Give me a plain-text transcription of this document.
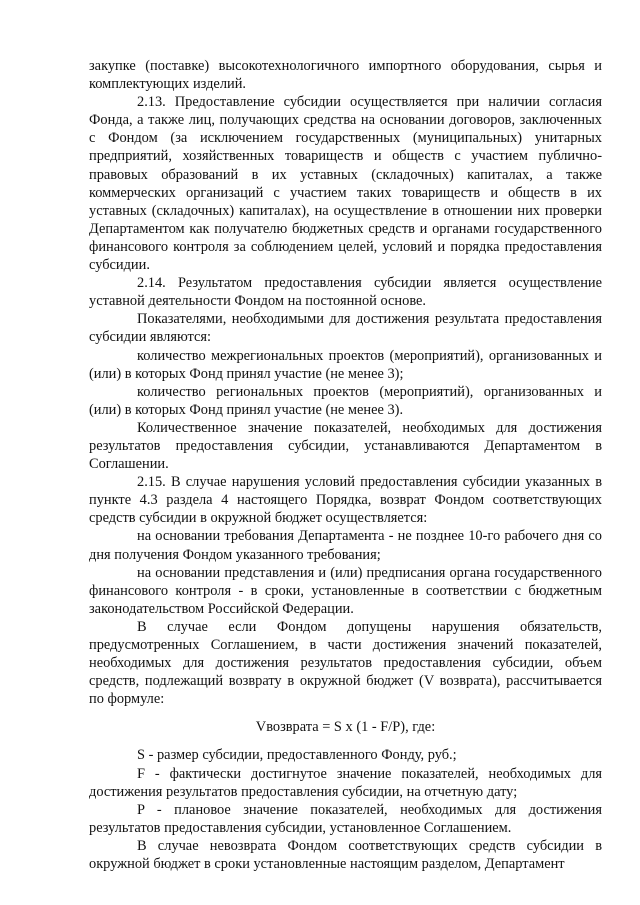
закупке (поставке) высокотехнологичного импортного оборудования, сырья и комплектующих изделий.

2.13. Предоставление субсидии осуществляется при наличии согласия Фонда, а также лиц, получающих средства на основании договоров, заключенных с Фондом (за исключением государственных (муниципальных) унитарных предприятий, хозяйственных товариществ и обществ с участием публично-правовых образований в их уставных (складочных) капиталах, а также коммерческих организаций с участием таких товариществ и обществ в их уставных (складочных) капиталах), на осуществление в отношении них проверки Департаментом как получателю бюджетных средств и органами государственного финансового контроля за соблюдением целей, условий и порядка предоставления субсидии.

2.14. Результатом предоставления субсидии является осуществление уставной деятельности Фондом на постоянной основе.

Показателями, необходимыми для достижения результата предоставления субсидии являются:

количество межрегиональных проектов (мероприятий), организованных и (или) в которых Фонд принял участие (не менее 3);

количество региональных проектов (мероприятий), организованных и (или) в которых Фонд принял участие (не менее 3).

Количественное значение показателей, необходимых для достижения результатов предоставления субсидии, устанавливаются Департаментом в Соглашении.

2.15. В случае нарушения условий предоставления субсидии указанных в пункте 4.3 раздела 4 настоящего Порядка, возврат Фондом соответствующих средств субсидии в окружной бюджет осуществляется:

на основании требования Департамента - не позднее 10-го рабочего дня со дня получения Фондом указанного требования;

на основании представления и (или) предписания органа государственного финансового контроля - в сроки, установленные в соответствии с бюджетным законодательством Российской Федерации.

В случае если Фондом допущены нарушения обязательств, предусмотренных Соглашением, в части достижения значений показателей, необходимых для достижения результатов предоставления субсидии, объем средств, подлежащий возврату в окружной бюджет (V возврата), рассчитывается по формуле:

Vвозврата = S x (1 - F/P), где:

S - размер субсидии, предоставленного Фонду, руб.;

F - фактически достигнутое значение показателей, необходимых для достижения результатов предоставления субсидии, на отчетную дату;

P - плановое значение показателей, необходимых для достижения результатов предоставления субсидии, установленное Соглашением.

В случае невозврата Фондом соответствующих средств субсидии в окружной бюджет в сроки установленные настоящим разделом, Департамент
